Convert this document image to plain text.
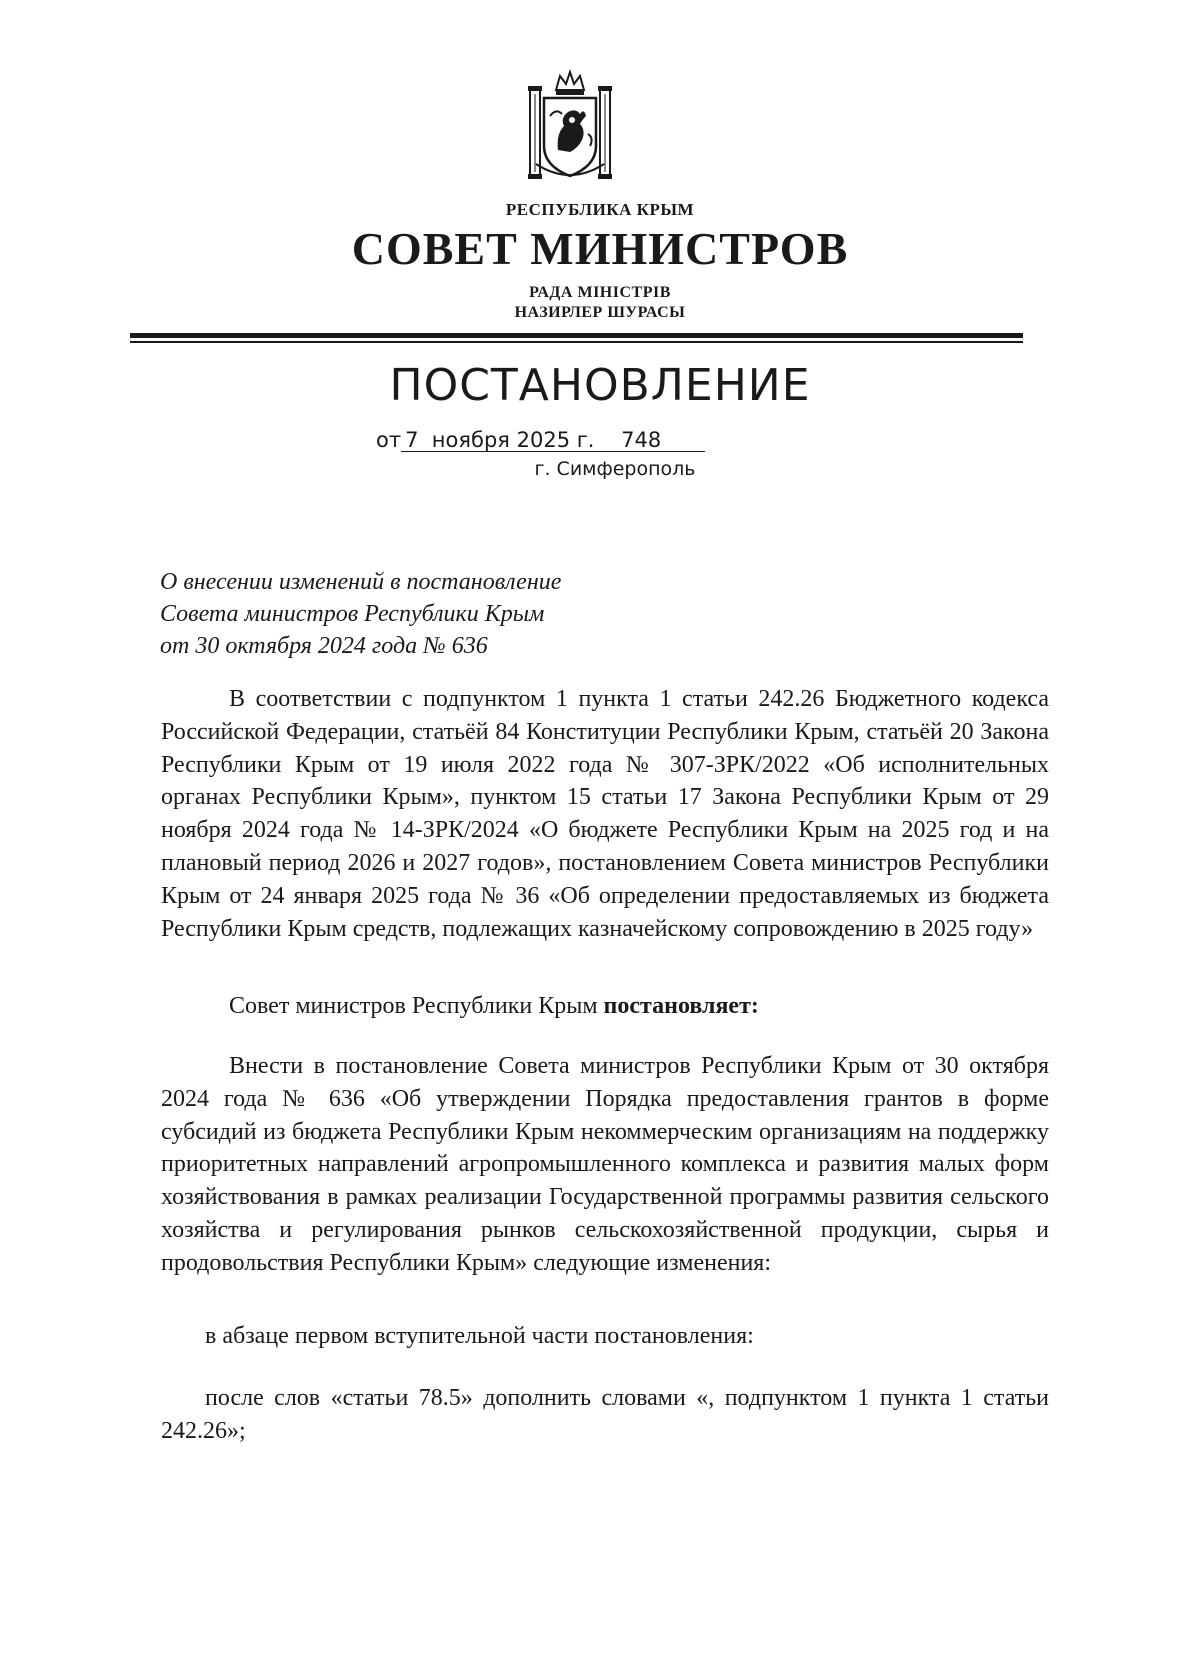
РЕСПУБЛИКА КРЫМ
СОВЕТ МИНИСТРОВ
РАДА МІНІСТРІВ
НАЗИРЛЕР ШУРАСЫ
ПОСТАНОВЛЕНИЕ
от 7  ноября 2025 г. 748
г. Симферополь
О внесении изменений в постановление
Совета министров Республики Крым
от 30 октября 2024 года № 636
В соответствии с подпунктом 1 пункта 1 статьи 242.26 Бюджетного кодекса Российской Федерации, статьёй 84 Конституции Республики Крым, статьёй 20 Закона Республики Крым от 19 июля 2022 года № 307-ЗРК/2022 «Об исполнительных органах Республики Крым», пунктом 15 статьи 17 Закона Республики Крым от 29 ноября 2024 года № 14-ЗРК/2024 «О бюджете Республики Крым на 2025 год и на плановый период 2026 и 2027 годов», постановлением Совета министров Республики Крым от 24 января 2025 года № 36 «Об определении предоставляемых из бюджета Республики Крым средств, подлежащих казначейскому сопровождению в 2025 году»
Совет министров Республики Крым постановляет:
Внести в постановление Совета министров Республики Крым от 30 октября 2024 года № 636 «Об утверждении Порядка предоставления грантов в форме субсидий из бюджета Республики Крым некоммерческим организациям на поддержку приоритетных направлений агропромышленного комплекса и развития малых форм хозяйствования в рамках реализации Государственной программы развития сельского хозяйства и регулирования рынков сельскохозяйственной продукции, сырья и продовольствия Республики Крым» следующие изменения:
в абзаце первом вступительной части постановления:
после слов «статьи 78.5» дополнить словами «, подпунктом 1 пункта 1 статьи 242.26»;
